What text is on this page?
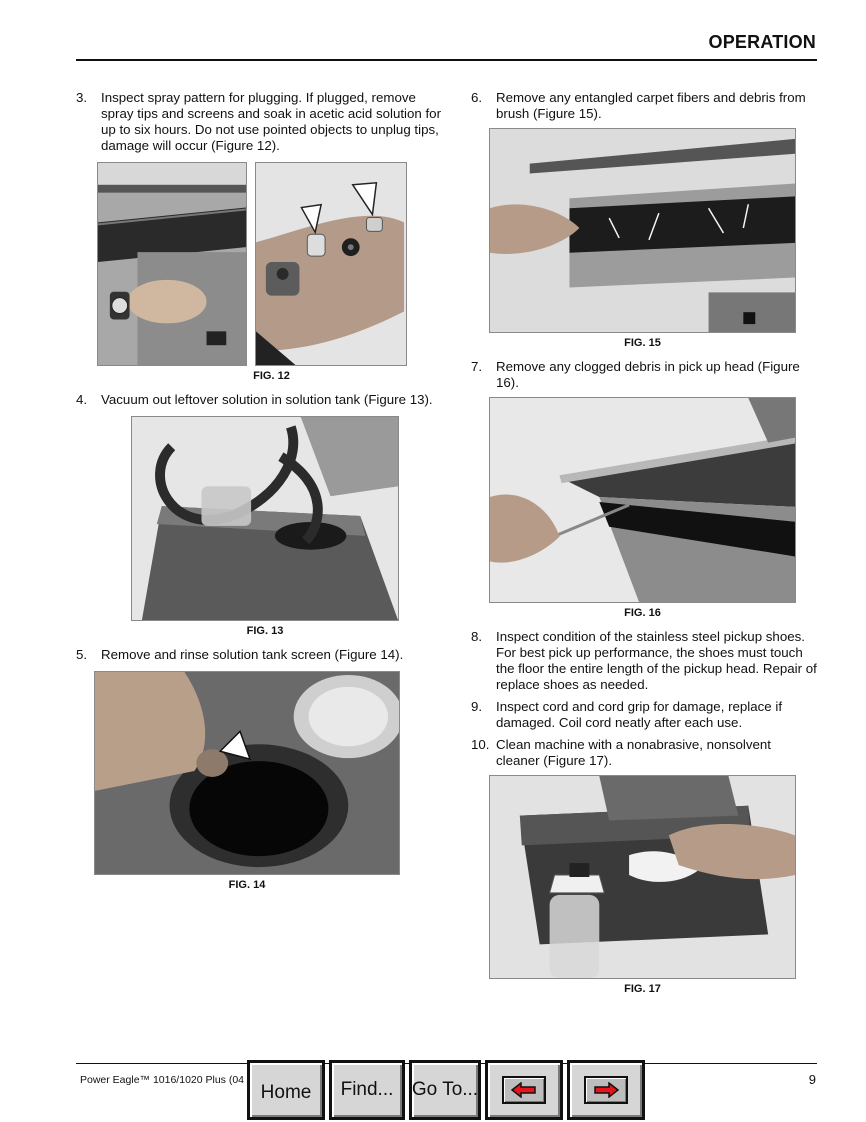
OPERATION
3.	Inspect spray pattern for plugging. If plugged, remove spray tips and screens and soak in acetic acid solution for up to six hours. Do not use pointed objects to unplug tips, damage will occur (Figure 12).
FIG. 12
4.	Vacuum out leftover solution in solution tank (Figure 13).
FIG. 13
5.	Remove and rinse solution tank screen (Figure 14).
FIG. 14
6.	Remove any entangled carpet fibers and debris from brush (Figure 15).
FIG. 15
7.	Remove any clogged debris in pick up head (Figure 16).
FIG. 16
8.	Inspect condition of the stainless steel pickup shoes. For best pick up performance, the shoes must touch the floor the entire length of the pickup head. Repair of replace shoes as needed.
9.	Inspect cord and cord grip for damage, replace if damaged. Coil cord neatly after each use.
10. Clean machine with a nonabrasive, nonsolvent cleaner (Figure 17).
FIG. 17
Power Eagle™ 1016/1020 Plus (04	9
Home Find... Go To...
